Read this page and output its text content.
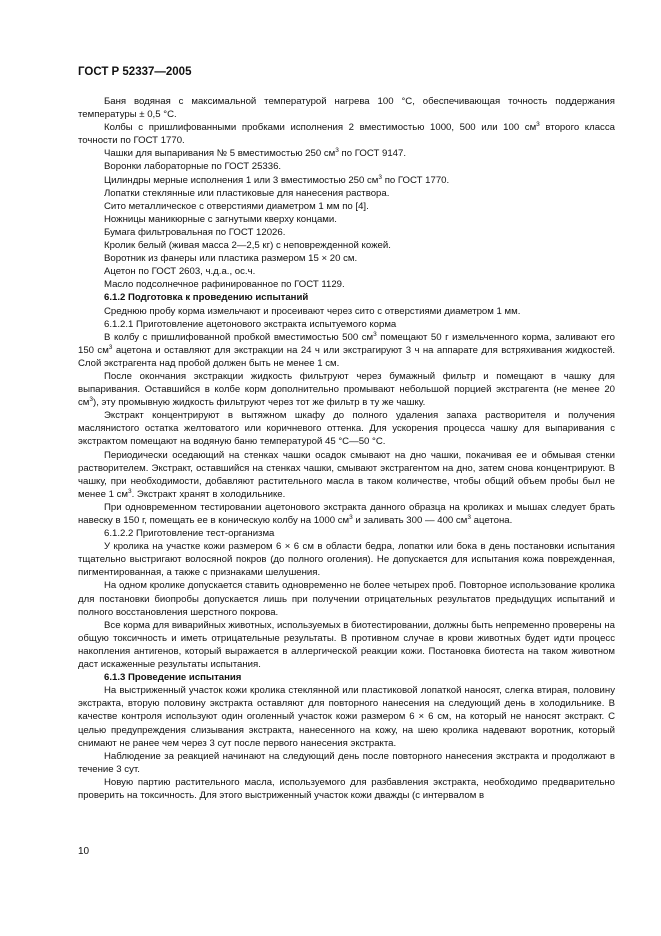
ГОСТ Р 52337—2005

Баня водяная с максимальной температурой нагрева 100 °С, обеспечивающая точность поддержания температуры ± 0,5 °С.

Колбы с пришлифованными пробками исполнения 2 вместимостью 1000, 500 или 100 $см^3$ второго класса точности по ГОСТ 1770.

Чашки для выпаривания № 5 вместимостью 250 $см^3$ по ГОСТ 9147.

Воронки лабораторные по ГОСТ 25336.

Цилиндры мерные исполнения 1 или 3 вместимостью 250 $см^3$ по ГОСТ 1770.

Лопатки стеклянные или пластиковые для нанесения раствора.

Сито металлическое с отверстиями диаметром 1 мм по [4].

Ножницы маникюрные с загнутыми кверху концами.

Бумага фильтровальная по ГОСТ 12026.

Кролик белый (живая масса 2—2,5 кг) с неповрежденной кожей.

Воротник из фанеры или пластика размером 15 × 20 см.

Ацетон по ГОСТ 2603, ч.д.а., ос.ч.

Масло подсолнечное рафинированное по ГОСТ 1129.

6.1.2 Подготовка к проведению испытаний

Среднюю пробу корма измельчают и просеивают через сито с отверстиями диаметром 1 мм.

6.1.2.1 Приготовление ацетонового экстракта испытуемого корма

В колбу с пришлифованной пробкой вместимостью 500 $см^3$ помещают 50 г измельченного корма, заливают его 150 $см^3$ ацетона и оставляют для экстракции на 24 ч или экстрагируют 3 ч на аппарате для встряхивания жидкостей. Слой экстрагента над пробой должен быть не менее 1 см.

После окончания экстракции жидкость фильтруют через бумажный фильтр и помещают в чашку для выпаривания. Оставшийся в колбе корм дополнительно промывают небольшой порцией экстрагента (не менее 20 $см^3$), эту промывную жидкость фильтруют через тот же фильтр в ту же чашку.

Экстракт концентрируют в вытяжном шкафу до полного удаления запаха растворителя и получения маслянистого остатка желтоватого или коричневого оттенка. Для ускорения процесса чашку для выпаривания с экстрактом помещают на водяную баню температурой 45 °С—50 °С.

Периодически оседающий на стенках чашки осадок смывают на дно чашки, покачивая ее и обмывая стенки растворителем. Экстракт, оставшийся на стенках чашки, смывают экстрагентом на дно, затем снова концентрируют. В чашку, при необходимости, добавляют растительного масла в таком количестве, чтобы общий объем пробы был не менее 1 $см^3$. Экстракт хранят в холодильнике.

При одновременном тестировании ацетонового экстракта данного образца на кроликах и мышах следует брать навеску в 150 г, помещать ее в коническую колбу на 1000 $см^3$ и заливать 300 — 400 $см^3$ ацетона.

6.1.2.2 Приготовление тест-организма

У кролика на участке кожи размером 6 × 6 см в области бедра, лопатки или бока в день постановки испытания тщательно выстригают волосяной покров (до полного оголения). Не допускается для испытания кожа поврежденная, пигментированная, а также с признаками шелушения.

На одном кролике допускается ставить одновременно не более четырех проб. Повторное использование кролика для постановки биопробы допускается лишь при получении отрицательных результатов предыдущих испытаний и полного восстановления шерстного покрова.

Все корма для виварийных животных, используемых в биотестировании, должны быть непременно проверены на общую токсичность и иметь отрицательные результаты. В противном случае в крови животных будет идти процесс накопления антигенов, который выражается в аллергической реакции кожи. Постановка биотеста на таком животном даст искаженные результаты испытания.

6.1.3 Проведение испытания

На выстриженный участок кожи кролика стеклянной или пластиковой лопаткой наносят, слегка втирая, половину экстракта, вторую половину экстракта оставляют для повторного нанесения на следующий день в холодильнике. В качестве контроля используют один оголенный участок кожи размером 6 × 6 см, на который не наносят экстракт. С целью предупреждения слизывания экстракта, нанесенного на кожу, на шею кролика надевают воротник, который снимают не ранее чем через 3 сут после первого нанесения экстракта.

Наблюдение за реакцией начинают на следующий день после повторного нанесения экстракта и продолжают в течение 3 сут.

Новую партию растительного масла, используемого для разбавления экстракта, необходимо предварительно проверить на токсичность. Для этого выстриженный участок кожи дважды (с интервалом в

10
